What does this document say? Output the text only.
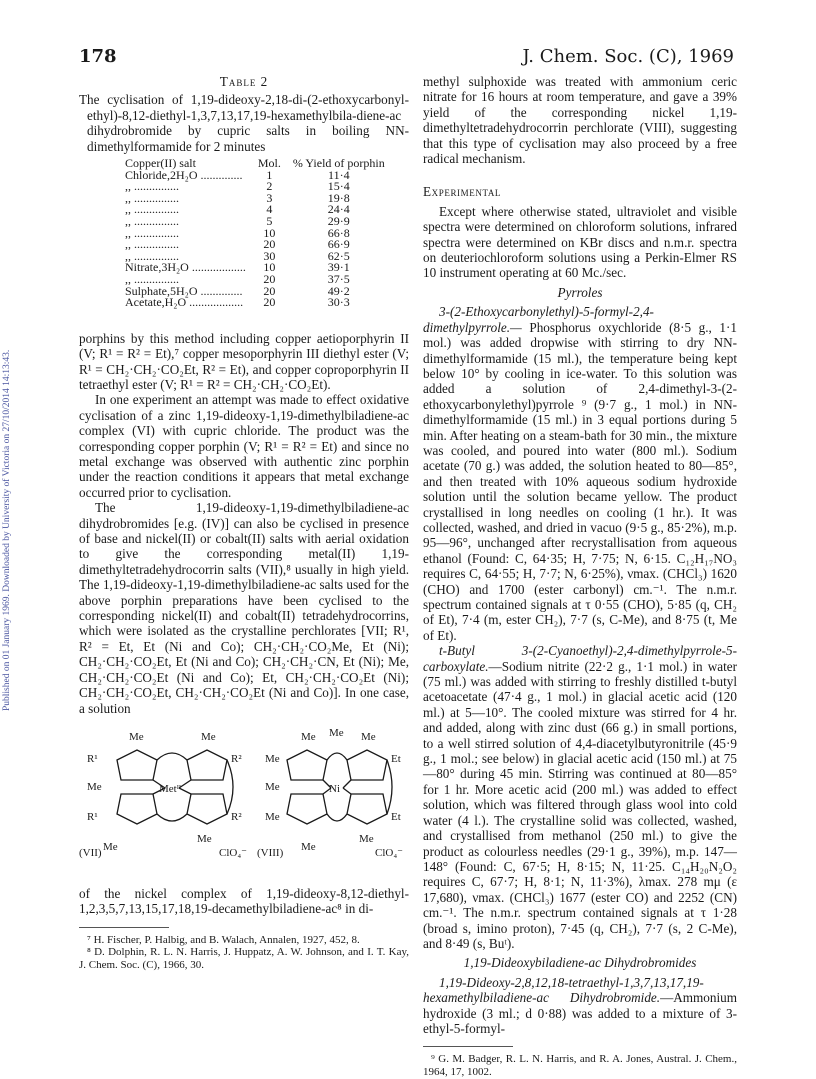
Published on 01 January 1969. Downloaded by University of Victoria on 27/10/2014 14:13:43.
178	J. Chem. Soc. (C), 1969

Table 2

The cyclisation of 1,19-dideoxy-2,18-di-(2-ethoxycarbonyl-ethyl)-8,12-diethyl-1,3,7,13,17,19-hexamethylbila-diene-ac dihydrobromide by cupric salts in boiling NN-dimethylformamide for 2 minutes

Copper(II) salt	Mol.	% Yield of porphin
Chloride,2H₂O ..............	1	11·4
,, ...............	2	15·4
,, ...............	3	19·8
,, ...............	4	24·4
,, ...............	5	29·9
,, ...............	10	66·8
,, ...............	20	66·9
,, ...............	30	62·5
Nitrate,3H₂O ..................	10	39·1
,, ...............	20	37·5
Sulphate,5H₂O ..............	20	49·2
Acetate,H₂O ..................	20	30·3

porphins by this method including copper aetioporphyrin II (V; R¹ = R² = Et),⁷ copper mesoporphyrin III diethyl ester (V; R¹ = CH₂·CH₂·CO₂Et, R² = Et), and copper coproporphyrin II tetraethyl ester (V; R¹ = R² = CH₂·CH₂·CO₂Et).

In one experiment an attempt was made to effect oxidative cyclisation of a zinc 1,19-dideoxy-1,19-dimethylbiladiene-ac complex (VI) with cupric chloride. The product was the corresponding copper porphin (V; R¹ = R² = Et) and since no metal exchange was observed with authentic zinc porphin under the reaction conditions it appears that metal exchange occurred prior to cyclisation.

The 1,19-dideoxy-1,19-dimethylbiladiene-ac dihydrobromides [e.g. (IV)] can also be cyclised in presence of base and nickel(II) or cobalt(II) salts with aerial oxidation to give the corresponding metal(II) 1,19-dimethyltetradehydrocorrin salts (VII),⁸ usually in high yield. The 1,19-dideoxy-1,19-dimethylbiladiene-ac salts used for the above porphin preparations have been cyclised to the corresponding nickel(II) and cobalt(II) tetradehydrocorrins, which were isolated as the crystalline perchlorates [VII; R¹, R² = Et, Et (Ni and Co); CH₂·CH₂·CO₂Me, Et (Ni); CH₂·CH₂·CO₂Et, Et (Ni and Co); CH₂·CH₂·CN, Et (Ni); Me, CH₂·CH₂·CO₂Et (Ni and Co); Et, CH₂·CH₂·CO₂Et (Ni); CH₂·CH₂·CO₂Et, CH₂·CH₂·CO₂Et (Ni and Co)]. In one case, a solution

Me	Me
R¹	R²
Me
R¹	R²
Metᴵᴵ
Me
Me
ClO₄⁻
(VII)
Me Me Me
Me	Et
Me
Me	Et
Ni
Me
Me
ClO₄⁻
(VIII)

of the nickel complex of 1,19-dideoxy-8,12-diethyl-1,2,3,5,7,13,15,17,18,19-decamethylbiladiene-ac⁸ in di-

⁷ H. Fischer, P. Halbig, and B. Walach, Annalen, 1927, 452, 8.

⁸ D. Dolphin, R. L. N. Harris, J. Huppatz, A. W. Johnson, and I. T. Kay, J. Chem. Soc. (C), 1966, 30.

methyl sulphoxide was treated with ammonium ceric nitrate for 16 hours at room temperature, and gave a 39% yield of the corresponding nickel 1,19-dimethyltetradehydrocorrin perchlorate (VIII), suggesting that this type of cyclisation may also proceed by a free radical mechanism.

Experimental

Except where otherwise stated, ultraviolet and visible spectra were determined on chloroform solutions, infrared spectra were determined on KBr discs and n.m.r. spectra on deuteriochloroform solutions using a Perkin-Elmer RS 10 instrument operating at 60 Mc./sec.

Pyrroles

3-(2-Ethoxycarbonylethyl)-5-formyl-2,4-dimethylpyrrole.— Phosphorus oxychloride (8·5 g., 1·1 mol.) was added dropwise with stirring to dry NN-dimethylformamide (15 ml.), the temperature being kept below 10° by cooling in ice-water. To this solution was added a solution of 2,4-dimethyl-3-(2-ethoxycarbonylethyl)pyrrole ⁹ (9·7 g., 1 mol.) in NN-dimethylformamide (15 ml.) in 3 equal portions during 5 min. After heating on a steam-bath for 30 min., the mixture was cooled, and poured into water (800 ml.). Sodium acetate (70 g.) was added, the solution heated to 80—85°, and then treated with 10% aqueous sodium hydroxide solution until the solution became yellow. The product crystallised in long needles on cooling (1 hr.). It was collected, washed, and dried in vacuo (9·5 g., 85·2%), m.p. 95—96°, unchanged after recrystallisation from aqueous ethanol (Found: C, 64·35; H, 7·75; N, 6·15. C₁₂H₁₇NO₃ requires C, 64·55; H, 7·7; N, 6·25%), νmax. (CHCl₃) 1620 (CHO) and 1700 (ester carbonyl) cm.⁻¹. The n.m.r. spectrum contained signals at τ 0·55 (CHO), 5·85 (q, CH₂ of Et), 7·4 (m, ester CH₂), 7·7 (s, C-Me), and 8·75 (t, Me of Et).

t-Butyl 3-(2-Cyanoethyl)-2,4-dimethylpyrrole-5-carboxylate.—Sodium nitrite (22·2 g., 1·1 mol.) in water (75 ml.) was added with stirring to freshly distilled t-butyl acetoacetate (47·4 g., 1 mol.) in glacial acetic acid (120 ml.) at 5—10°. The cooled mixture was stirred for 4 hr. and added, along with zinc dust (66 g.) in small portions, to a well stirred solution of 4,4-diacetylbutyronitrile (45·9 g., 1 mol.; see below) in glacial acetic acid (150 ml.) at 75—80° during 45 min. Stirring was continued at 80—85° for 1 hr. More acetic acid (200 ml.) was added to effect solution, which was filtered through glass wool into cold water (4 l.). The crystalline solid was collected, washed, and crystallised from methanol (250 ml.) to give the product as colourless needles (29·1 g., 39%), m.p. 147—148° (Found: C, 67·5; H, 8·15; N, 11·25. C₁₄H₂₀N₂O₂ requires C, 67·7; H, 8·1; N, 11·3%), λmax. 278 mμ (ε 17,680), νmax. (CHCl₃) 1677 (ester CO) and 2252 (CN) cm.⁻¹. The n.m.r. spectrum contained signals at τ 1·28 (broad s, imino proton), 7·45 (q, CH₂), 7·7 (s, 2 C-Me), and 8·49 (s, Buᵗ).

1,19-Dideoxybiladiene-ac Dihydrobromides

1,19-Dideoxy-2,8,12,18-tetraethyl-1,3,7,13,17,19-hexamethylbiladiene-ac Dihydrobromide.—Ammonium hydroxide (3 ml.; d 0·88) was added to a mixture of 3-ethyl-5-formyl-

⁹ G. M. Badger, R. L. N. Harris, and R. A. Jones, Austral. J. Chem., 1964, 17, 1002.
